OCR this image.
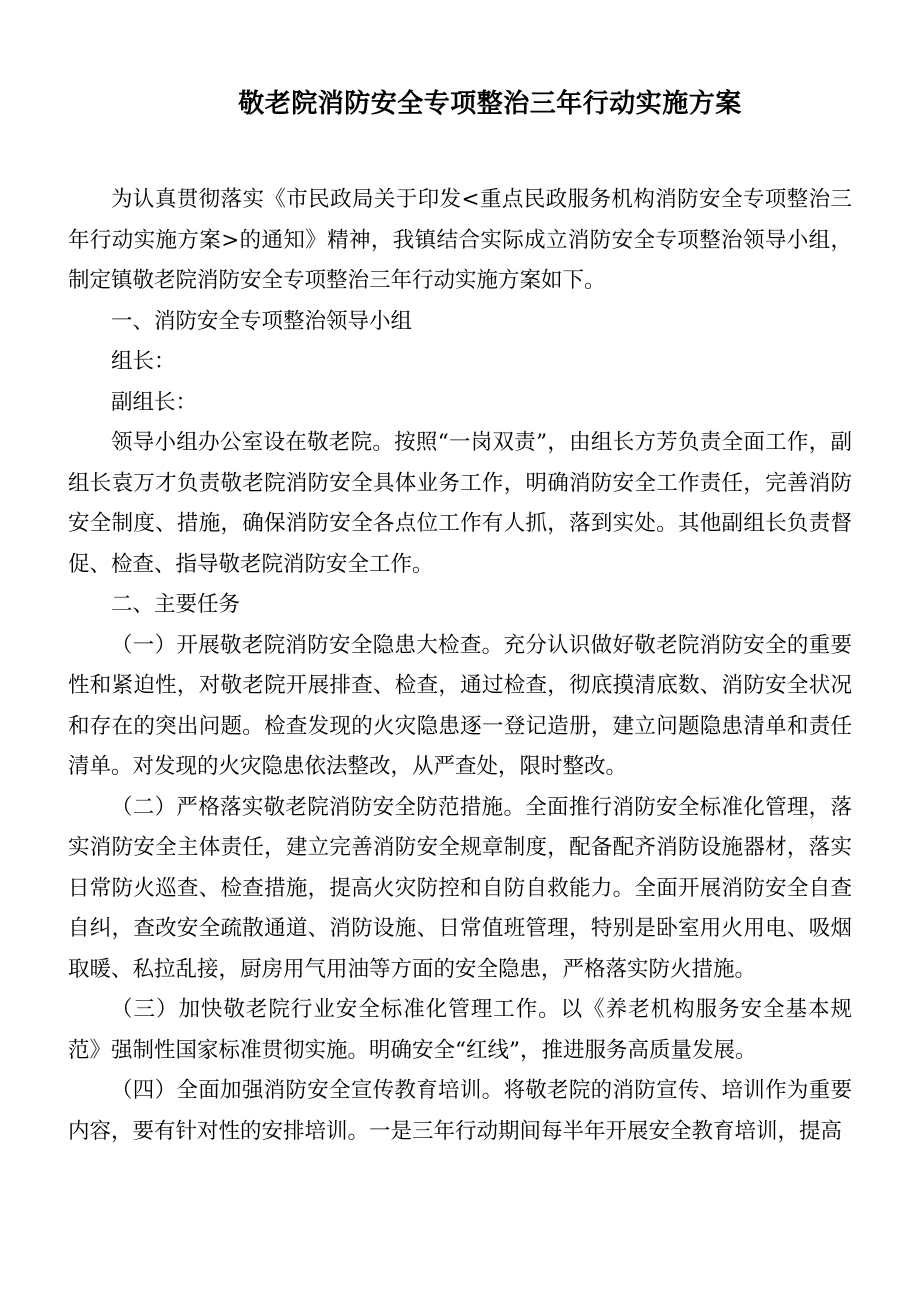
敬老院消防安全专项整治三年行动实施方案

为认真贯彻落实《市民政局关于印发<重点民政服务机构消防安全专项整治三年行动实施方案>的通知》精神，我镇结合实际成立消防安全专项整治领导小组，制定镇敬老院消防安全专项整治三年行动实施方案如下。

一、消防安全专项整治领导小组

组长：

副组长：

领导小组办公室设在敬老院。按照“一岗双责”，由组长方芳负责全面工作，副组长袁万才负责敬老院消防安全具体业务工作，明确消防安全工作责任，完善消防安全制度、措施，确保消防安全各点位工作有人抓，落到实处。其他副组长负责督促、检查、指导敬老院消防安全工作。

二、主要任务

（一）开展敬老院消防安全隐患大检查。充分认识做好敬老院消防安全的重要性和紧迫性，对敬老院开展排查、检查，通过检查，彻底摸清底数、消防安全状况和存在的突出问题。检查发现的火灾隐患逐一登记造册，建立问题隐患清单和责任清单。对发现的火灾隐患依法整改，从严查处，限时整改。

（二）严格落实敬老院消防安全防范措施。全面推行消防安全标准化管理，落实消防安全主体责任，建立完善消防安全规章制度，配备配齐消防设施器材，落实日常防火巡查、检查措施，提高火灾防控和自防自救能力。全面开展消防安全自查自纠，查改安全疏散通道、消防设施、日常值班管理，特别是卧室用火用电、吸烟取暖、私拉乱接，厨房用气用油等方面的安全隐患，严格落实防火措施。

（三）加快敬老院行业安全标准化管理工作。以《养老机构服务安全基本规范》强制性国家标准贯彻实施。明确安全“红线”，推进服务高质量发展。

（四）全面加强消防安全宣传教育培训。将敬老院的消防宣传、培训作为重要内容，要有针对性的安排培训。一是三年行动期间每半年开展安全教育培训，提高
